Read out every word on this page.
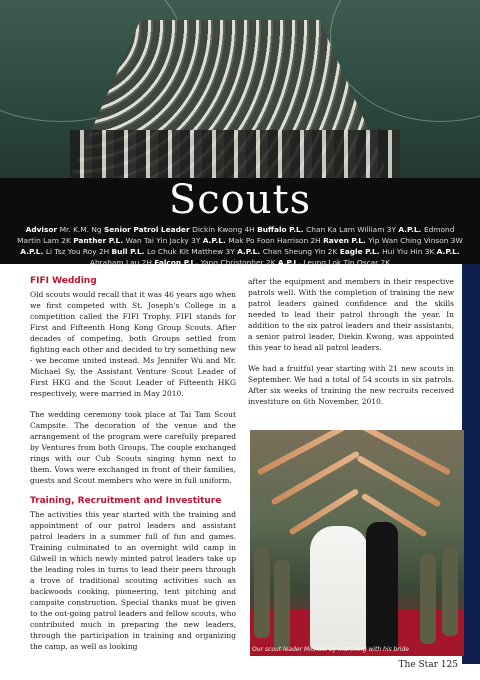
Scouts
Advisor Mr. K.M. Ng Senior Patrol Leader Dickin Kwong 4H Buffalo P.L. Chan Ka Lam William 3Y A.P.L. Edmond Martin Lam 2K Panther P.L. Wan Tai Yin Jacky 3Y A.P.L. Mak Po Foon Harrison 2H Raven P.L. Yip Wan Ching Vinson 3W A.P.L. Li Tsz You Roy 2H Bull P.L. Lo Chuk Kit Matthew 3Y A.P.L. Chan Sheung Yin 2K Eagle P.L. Hui Yiu Hin 3K A.P.L. Abraham Lau 2H Falcon P.L. Yang Christopher 2K A.P.L. Leung Lok Tin Oscar 2K
FIFI Wedding

Old scouts would recall that it was 46 years ago when we first competed with St. Joseph's College in a competition called the FIFI Trophy. FIFI stands for First and Fifteenth Hong Kong Group Scouts. After decades of competing, both Groups settled from fighting each other and decided to try something new - we become united instead. Ms Jennifer Wu and Mr. Michael Sy, the Assistant Venture Scout Leader of First HKG and the Scout Leader of Fifteenth HKG respectively, were married in May 2010.

The wedding ceremony took place at Tai Tam Scout Campsite. The decoration of the venue and the arrangement of the program were carefully prepared by Ventures from both Groups. The couple exchanged rings with our Cub Scouts singing hymn next to them. Vows were exchanged in front of their families, guests and Scout members who were in full uniform.

Training, Recruitment and Investiture

The activities this year started with the training and appointment of our patrol leaders and assistant patrol leaders in a summer full of fun and games. Training culminated to an overnight wild camp in Gilwell in which newly minted patrol leaders take up the leading roles in turns to lead their peers through a trove of traditional scouting activities such as backwoods cooking, pioneering, tent pitching and campsite construction. Special thanks must be given to the out-going patrol leaders and fellow scouts, who contributed much in preparing the new leaders, through the participation in training and organizing the camp, as well as looking

after the equipment and members in their respective patrols well. With the completion of training the new patrol leaders gained confidence and the skills needed to lead their patrol through the year. In addition to the six patrol leaders and their assistants, a senior patrol leader, Diekin Kwong, was appointed this year to head all patrol leaders.

We had a fruitful year starting with 21 new scouts in September. We had a total of 54 scouts in six patrols. After six weeks of training the new recruits received investiture on 6th November, 2010.

Our scout leader Michael Sy marching with his bride
The Star 125
